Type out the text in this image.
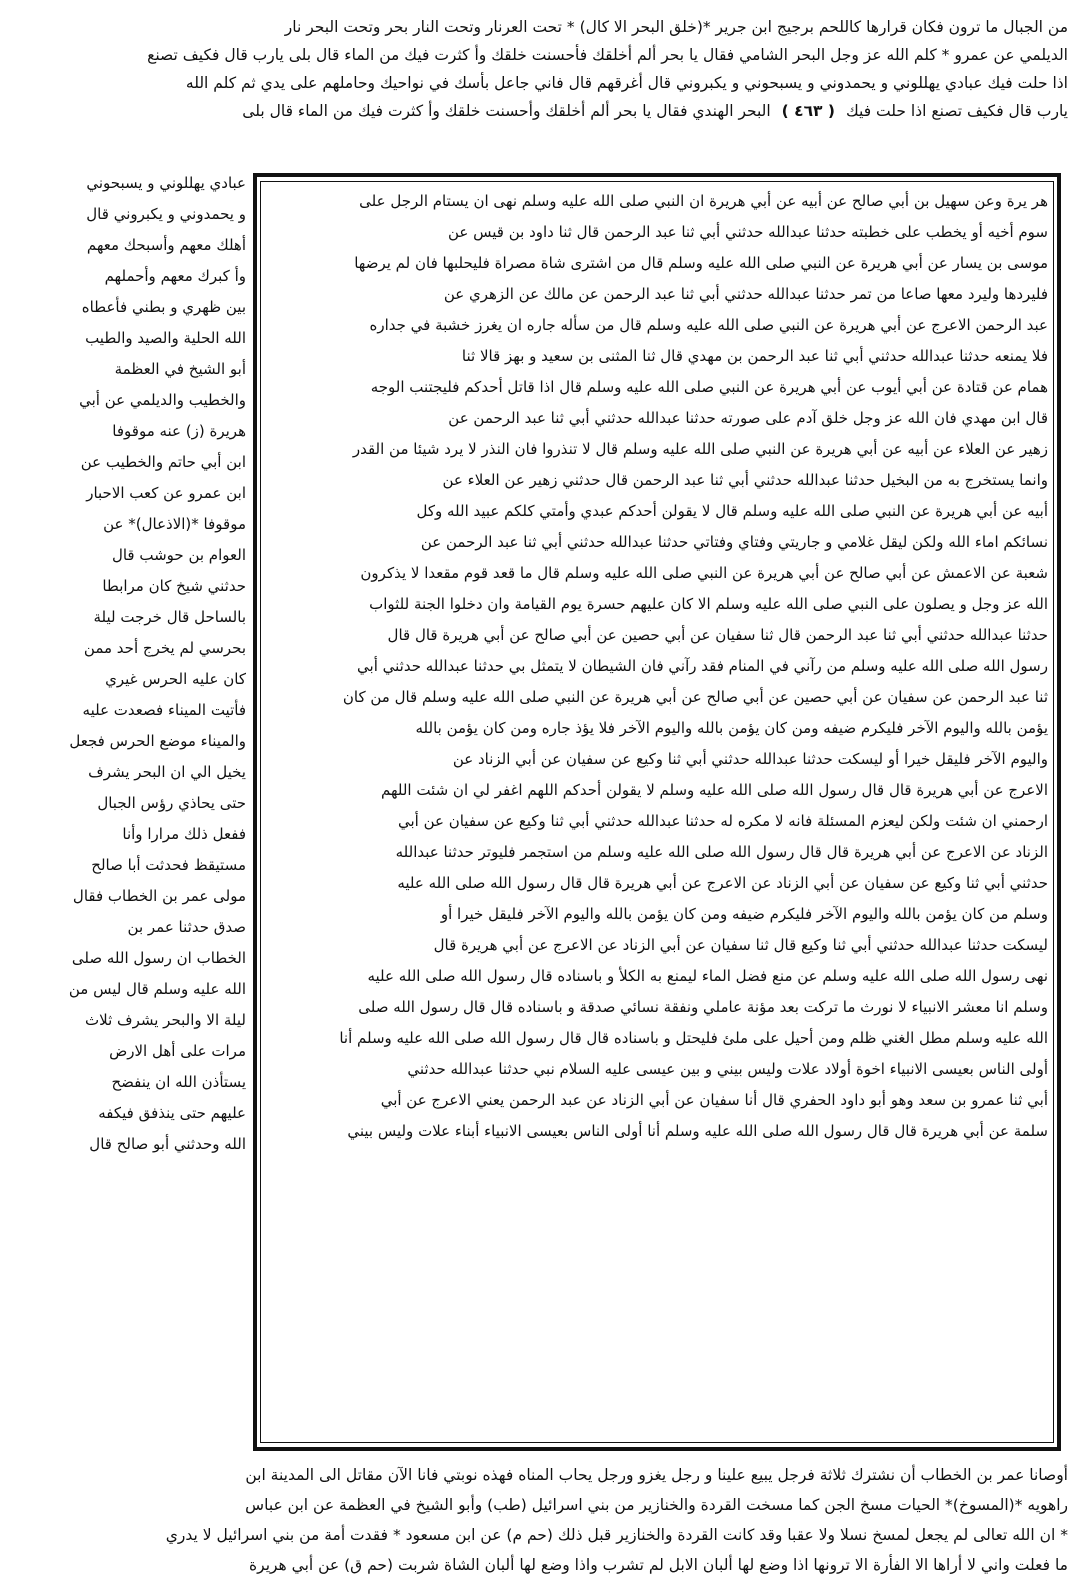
من الجبال ما ترون فكان قرارها كاللحم برجيج ابن جرير *(خلق البحر الا كال) * تحت العرنار وتحت النار بحر وتحت البحر نار
الديلمي عن عمرو * كلم الله عز وجل البحر الشامي فقال يا بحر ألم أخلقك فأحسنت خلقك وأ كثرت فيك من الماء قال بلى يارب قال فكيف تصنع
اذا حلت فيك عبادي يهللوني و يحمدوني و يسبحوني و يكبروني قال أغرقهم قال فاني جاعل بأسك في نواحيك وحاملهم على يدي ثم كلم الله
يارب قال فكيف تصنع اذا حلت فيك ( ٤٦٣ ) البحر الهندي فقال يا بحر ألم أخلقك وأحسنت خلقك وأ كثرت فيك من الماء قال بلى
هر يرة وعن سهيل بن أبي صالح عن أبيه عن أبي هريرة ان النبي صلى الله عليه وسلم نهى ان يستام الرجل على
سوم أخيه أو يخطب على خطبته حدثنا عبدالله حدثني أبي ثنا عبد الرحمن قال ثنا داود بن قيس عن
موسى بن يسار عن أبي هريرة عن النبي صلى الله عليه وسلم قال من اشترى شاة مصراة فليحلبها فان لم يرضها
فليردها وليرد معها صاعا من تمر حدثنا عبدالله حدثني أبي ثنا عبد الرحمن عن مالك عن الزهري عن
عبد الرحمن الاعرج عن أبي هريرة عن النبي صلى الله عليه وسلم قال من سأله جاره ان يغرز خشبة في جداره
فلا يمنعه حدثنا عبدالله حدثني أبي ثنا عبد الرحمن بن مهدي قال ثنا المثنى بن سعيد و بهز قالا ثنا
همام عن قتادة عن أبي أيوب عن أبي هريرة عن النبي صلى الله عليه وسلم قال اذا قاتل أحدكم فليجتنب الوجه
قال ابن مهدي فان الله عز وجل خلق آدم على صورته حدثنا عبدالله حدثني أبي ثنا عبد الرحمن عن
زهير عن العلاء عن أبيه عن أبي هريرة عن النبي صلى الله عليه وسلم قال لا تنذروا فان النذر لا يرد شيئا من القدر
وانما يستخرج به من البخيل حدثنا عبدالله حدثني أبي ثنا عبد الرحمن قال حدثني زهير عن العلاء عن
أبيه عن أبي هريرة عن النبي صلى الله عليه وسلم قال لا يقولن أحدكم عبدي وأمتي كلكم عبيد الله وكل
نسائكم اماء الله ولكن ليقل غلامي و جاريتي وفتاي وفتاتي حدثنا عبدالله حدثني أبي ثنا عبد الرحمن عن
شعبة عن الاعمش عن أبي صالح عن أبي هريرة عن النبي صلى الله عليه وسلم قال ما قعد قوم مقعدا لا يذكرون
الله عز وجل و يصلون على النبي صلى الله عليه وسلم الا كان عليهم حسرة يوم القيامة وان دخلوا الجنة للثواب
حدثنا عبدالله حدثني أبي ثنا عبد الرحمن قال ثنا سفيان عن أبي حصين عن أبي صالح عن أبي هريرة قال قال
رسول الله صلى الله عليه وسلم من رآني في المنام فقد رآني فان الشيطان لا يتمثل بي حدثنا عبدالله حدثني أبي
ثنا عبد الرحمن عن سفيان عن أبي حصين عن أبي صالح عن أبي هريرة عن النبي صلى الله عليه وسلم قال من كان
يؤمن بالله واليوم الآخر فليكرم ضيفه ومن كان يؤمن بالله واليوم الآخر فلا يؤذ جاره ومن كان يؤمن بالله
واليوم الآخر فليقل خيرا أو ليسكت حدثنا عبدالله حدثني أبي ثنا وكيع عن سفيان عن أبي الزناد عن
الاعرج عن أبي هريرة قال قال رسول الله صلى الله عليه وسلم لا يقولن أحدكم اللهم اغفر لي ان شئت اللهم
ارحمني ان شئت ولكن ليعزم المسئلة فانه لا مكره له حدثنا عبدالله حدثني أبي ثنا وكيع عن سفيان عن أبي
الزناد عن الاعرج عن أبي هريرة قال قال رسول الله صلى الله عليه وسلم من استجمر فليوتر حدثنا عبدالله
حدثني أبي ثنا وكيع عن سفيان عن أبي الزناد عن الاعرج عن أبي هريرة قال قال رسول الله صلى الله عليه
وسلم من كان يؤمن بالله واليوم الآخر فليكرم ضيفه ومن كان يؤمن بالله واليوم الآخر فليقل خيرا أو
ليسكت حدثنا عبدالله حدثني أبي ثنا وكيع قال ثنا سفيان عن أبي الزناد عن الاعرج عن أبي هريرة قال
نهى رسول الله صلى الله عليه وسلم عن منع فضل الماء ليمنع به الكلأ و باسناده قال رسول الله صلى الله عليه
وسلم انا معشر الانبياء لا نورث ما تركت بعد مؤنة عاملي ونفقة نسائي صدقة و باسناده قال قال رسول الله صلى
الله عليه وسلم مطل الغني ظلم ومن أحيل على ملئ فليحتل و باسناده قال قال رسول الله صلى الله عليه وسلم أنا
أولى الناس بعيسى الانبياء اخوة أولاد علات وليس بيني و بين عيسى عليه السلام نبي حدثنا عبدالله حدثني
أبي ثنا عمرو بن سعد وهو أبو داود الحفري قال أنا سفيان عن أبي الزناد عن عبد الرحمن يعني الاعرج عن أبي
سلمة عن أبي هريرة قال قال رسول الله صلى الله عليه وسلم أنا أولى الناس بعيسى الانبياء أبناء علات وليس بيني
عبادي يهللوني و يسبحوني
و يحمدوني و يكبروني قال
أهلك معهم وأسبحك معهم
وأ كبرك معهم وأحملهم
بين ظهري و بطني فأعطاه
الله الحلية والصيد والطيب
أبو الشيخ في العظمة
والخطيب والديلمي عن أبي
هريرة (ز) عنه موقوفا
ابن أبي حاتم والخطيب عن
ابن عمرو عن كعب الاحبار
موقوفا *(الاذعال)* عن
العوام بن حوشب قال
حدثني شيخ كان مرابطا
بالساحل قال خرجت ليلة
بحرسي لم يخرج أحد ممن
كان عليه الحرس غيري
فأتيت الميناء فصعدت عليه
والميناء موضع الحرس فجعل
يخيل الي ان البحر يشرف
حتى يحاذي رؤس الجبال
ففعل ذلك مرارا وأنا
مستيقظ فحدثت أبا صالح
مولى عمر بن الخطاب فقال
صدق حدثنا عمر بن
الخطاب ان رسول الله صلى
الله عليه وسلم قال ليس من
ليلة الا والبحر يشرف ثلاث
مرات على أهل الارض
يستأذن الله ان ينفضح
عليهم حتى ينذفق فيكفه
الله وحدثني أبو صالح قال
أوصانا عمر بن الخطاب أن نشترك ثلاثة فرجل يبيع علينا و رجل يغزو ورجل يحاب المناه فهذه نوبتي فانا الآن مقاتل الى المدينة ابن
راهويه *(المسوخ)* الحيات مسخ الجن كما مسخت القردة والخنازير من بني اسرائيل (طب) وأبو الشيخ في العظمة عن ابن عباس
* ان الله تعالى لم يجعل لمسخ نسلا ولا عقبا وقد كانت القردة والخنازير قبل ذلك (حم م) عن ابن مسعود * فقدت أمة من بني اسرائيل لا يدري
ما فعلت واني لا أراها الا الفأرة الا ترونها اذا وضع لها ألبان الابل لم تشرب واذا وضع لها ألبان الشاة شربت (حم ق) عن أبي هريرة
